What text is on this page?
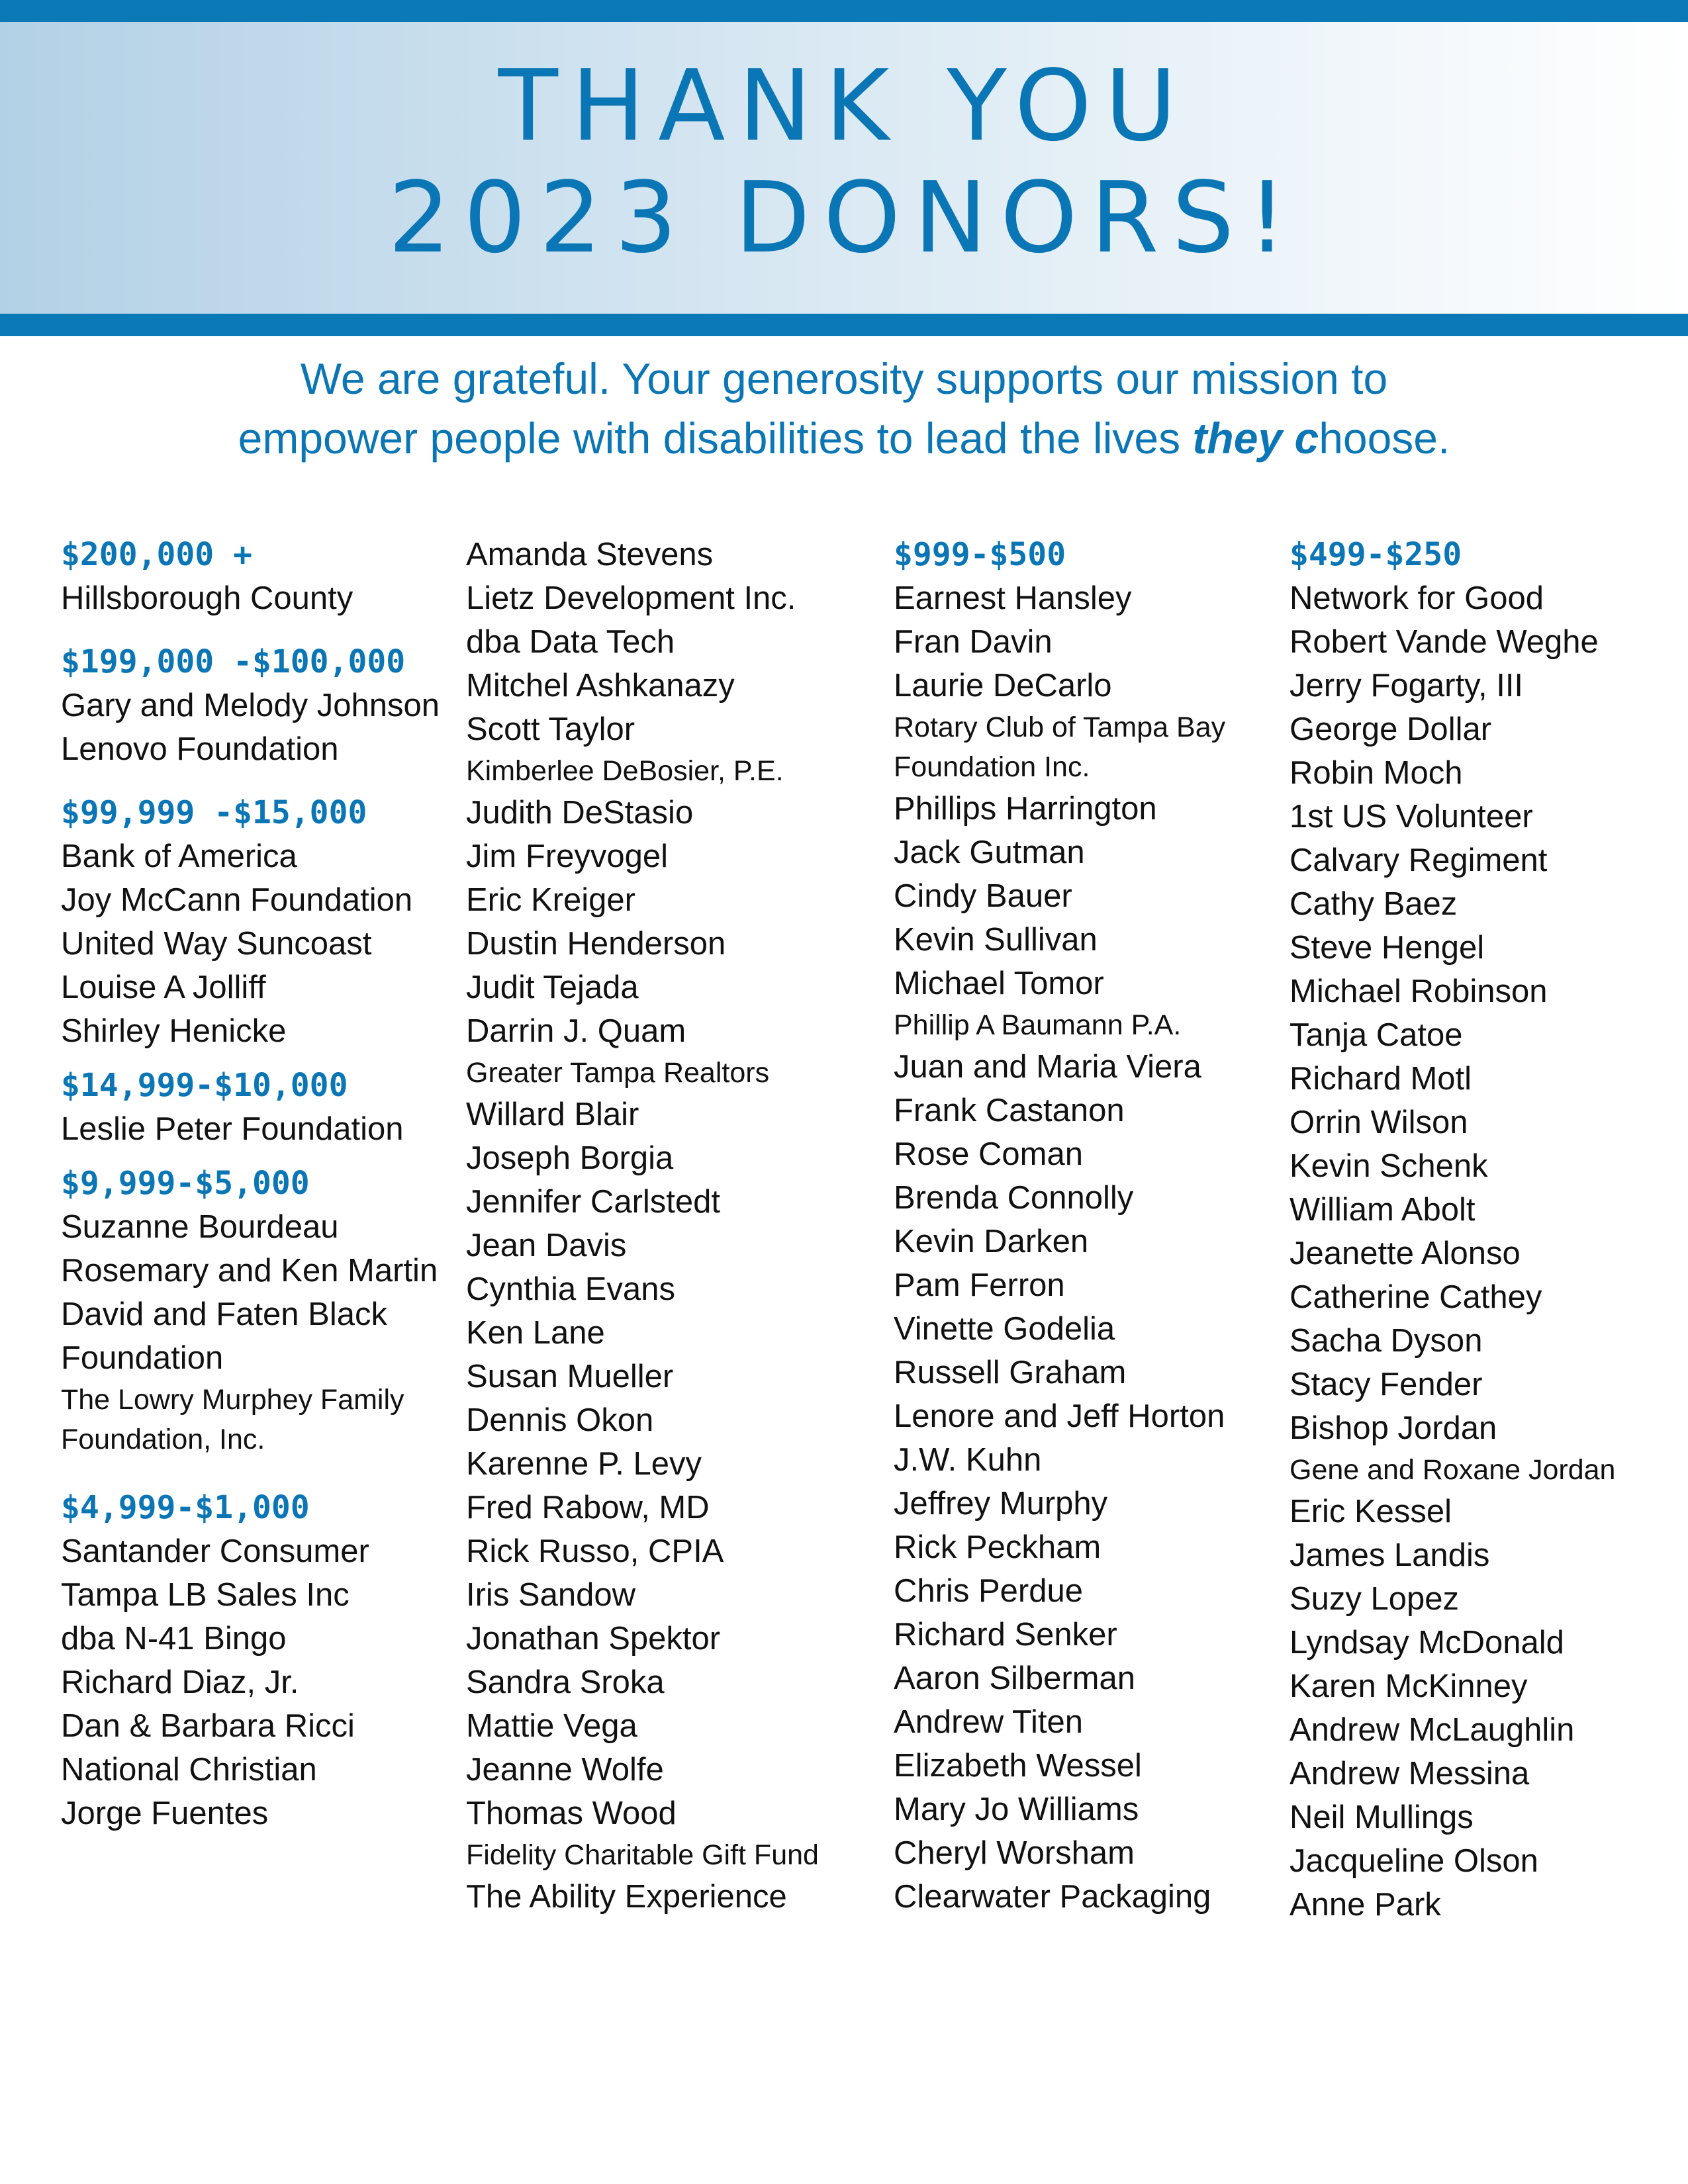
THANK YOU
2023 DONORS!
We are grateful. Your generosity supports our mission to
empower people with disabilities to lead the lives they choose.
$200,000 +
Hillsborough County
$199,000 -$100,000
Gary and Melody Johnson
Lenovo Foundation
$99,999 -$15,000
Bank of America
Joy McCann Foundation
United Way Suncoast
Louise A Jolliff
Shirley Henicke
$14,999-$10,000
Leslie Peter Foundation
$9,999-$5,000
Suzanne Bourdeau
Rosemary and Ken Martin
David and Faten Black
Foundation
The Lowry Murphey Family
Foundation, Inc.
$4,999-$1,000
Santander Consumer
Tampa LB Sales Inc
dba N-41 Bingo
Richard Diaz, Jr.
Dan & Barbara Ricci
National Christian
Jorge Fuentes
Amanda Stevens
Lietz Development Inc.
dba Data Tech
Mitchel Ashkanazy
Scott Taylor
Kimberlee DeBosier, P.E.
Judith DeStasio
Jim Freyvogel
Eric Kreiger
Dustin Henderson
Judit Tejada
Darrin J. Quam
Greater Tampa Realtors
Willard Blair
Joseph Borgia
Jennifer Carlstedt
Jean Davis
Cynthia Evans
Ken Lane
Susan Mueller
Dennis Okon
Karenne P. Levy
Fred Rabow, MD
Rick Russo, CPIA
Iris Sandow
Jonathan Spektor
Sandra Sroka
Mattie Vega
Jeanne Wolfe
Thomas Wood
Fidelity Charitable Gift Fund
The Ability Experience
$999-$500
Earnest Hansley
Fran Davin
Laurie DeCarlo
Rotary Club of Tampa Bay
Foundation Inc.
Phillips Harrington
Jack Gutman
Cindy Bauer
Kevin Sullivan
Michael Tomor
Phillip A Baumann P.A.
Juan and Maria Viera
Frank Castanon
Rose Coman
Brenda Connolly
Kevin Darken
Pam Ferron
Vinette Godelia
Russell Graham
Lenore and Jeff Horton
J.W. Kuhn
Jeffrey Murphy
Rick Peckham
Chris Perdue
Richard Senker
Aaron Silberman
Andrew Titen
Elizabeth Wessel
Mary Jo Williams
Cheryl Worsham
Clearwater Packaging
$499-$250
Network for Good
Robert Vande Weghe
Jerry Fogarty, III
George Dollar
Robin Moch
1st US Volunteer
Calvary Regiment
Cathy Baez
Steve Hengel
Michael Robinson
Tanja Catoe
Richard Motl
Orrin Wilson
Kevin Schenk
William Abolt
Jeanette Alonso
Catherine Cathey
Sacha Dyson
Stacy Fender
Bishop Jordan
Gene and Roxane Jordan
Eric Kessel
James Landis
Suzy Lopez
Lyndsay McDonald
Karen McKinney
Andrew McLaughlin
Andrew Messina
Neil Mullings
Jacqueline Olson
Anne Park
